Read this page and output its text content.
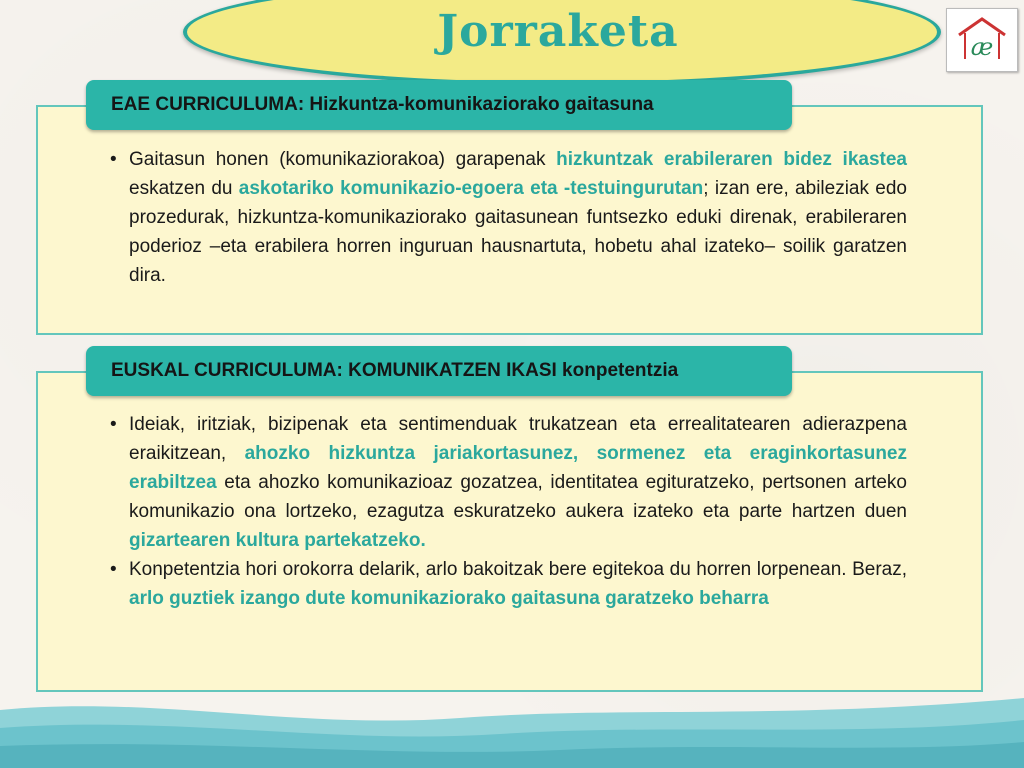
Jorraketa	æ
EAE CURRICULUMA: Hizkuntza-komunikaziorako gaitasuna
• Gaitasun honen (komunikaziorakoa) garapenak hizkuntzak erabileraren bidez ikastea eskatzen du askotariko komunikazio-egoera eta -testuingurutan; izan ere, abileziak edo prozedurak, hizkuntza-komunikaziorako gaitasunean funtsezko eduki direnak, erabileraren poderioz –eta erabilera horren inguruan hausnartuta, hobetu ahal izateko– soilik garatzen dira.
EUSKAL CURRICULUMA: KOMUNIKATZEN IKASI konpetentzia
• Ideiak, iritziak, bizipenak eta sentimenduak trukatzean eta errealitatearen adierazpena eraikitzean, ahozko hizkuntza jariakortasunez, sormenez eta eraginkortasunez erabiltzea eta ahozko komunikazioaz gozatzea, identitatea egituratzeko, pertsonen arteko komunikazio ona lortzeko, ezagutza eskuratzeko aukera izateko eta parte hartzen duen gizartearen kultura partekatzeko.
• Konpetentzia hori orokorra delarik, arlo bakoitzak bere egitekoa du horren lorpenean. Beraz, arlo guztiek izango dute komunikaziorako gaitasuna garatzeko beharra
